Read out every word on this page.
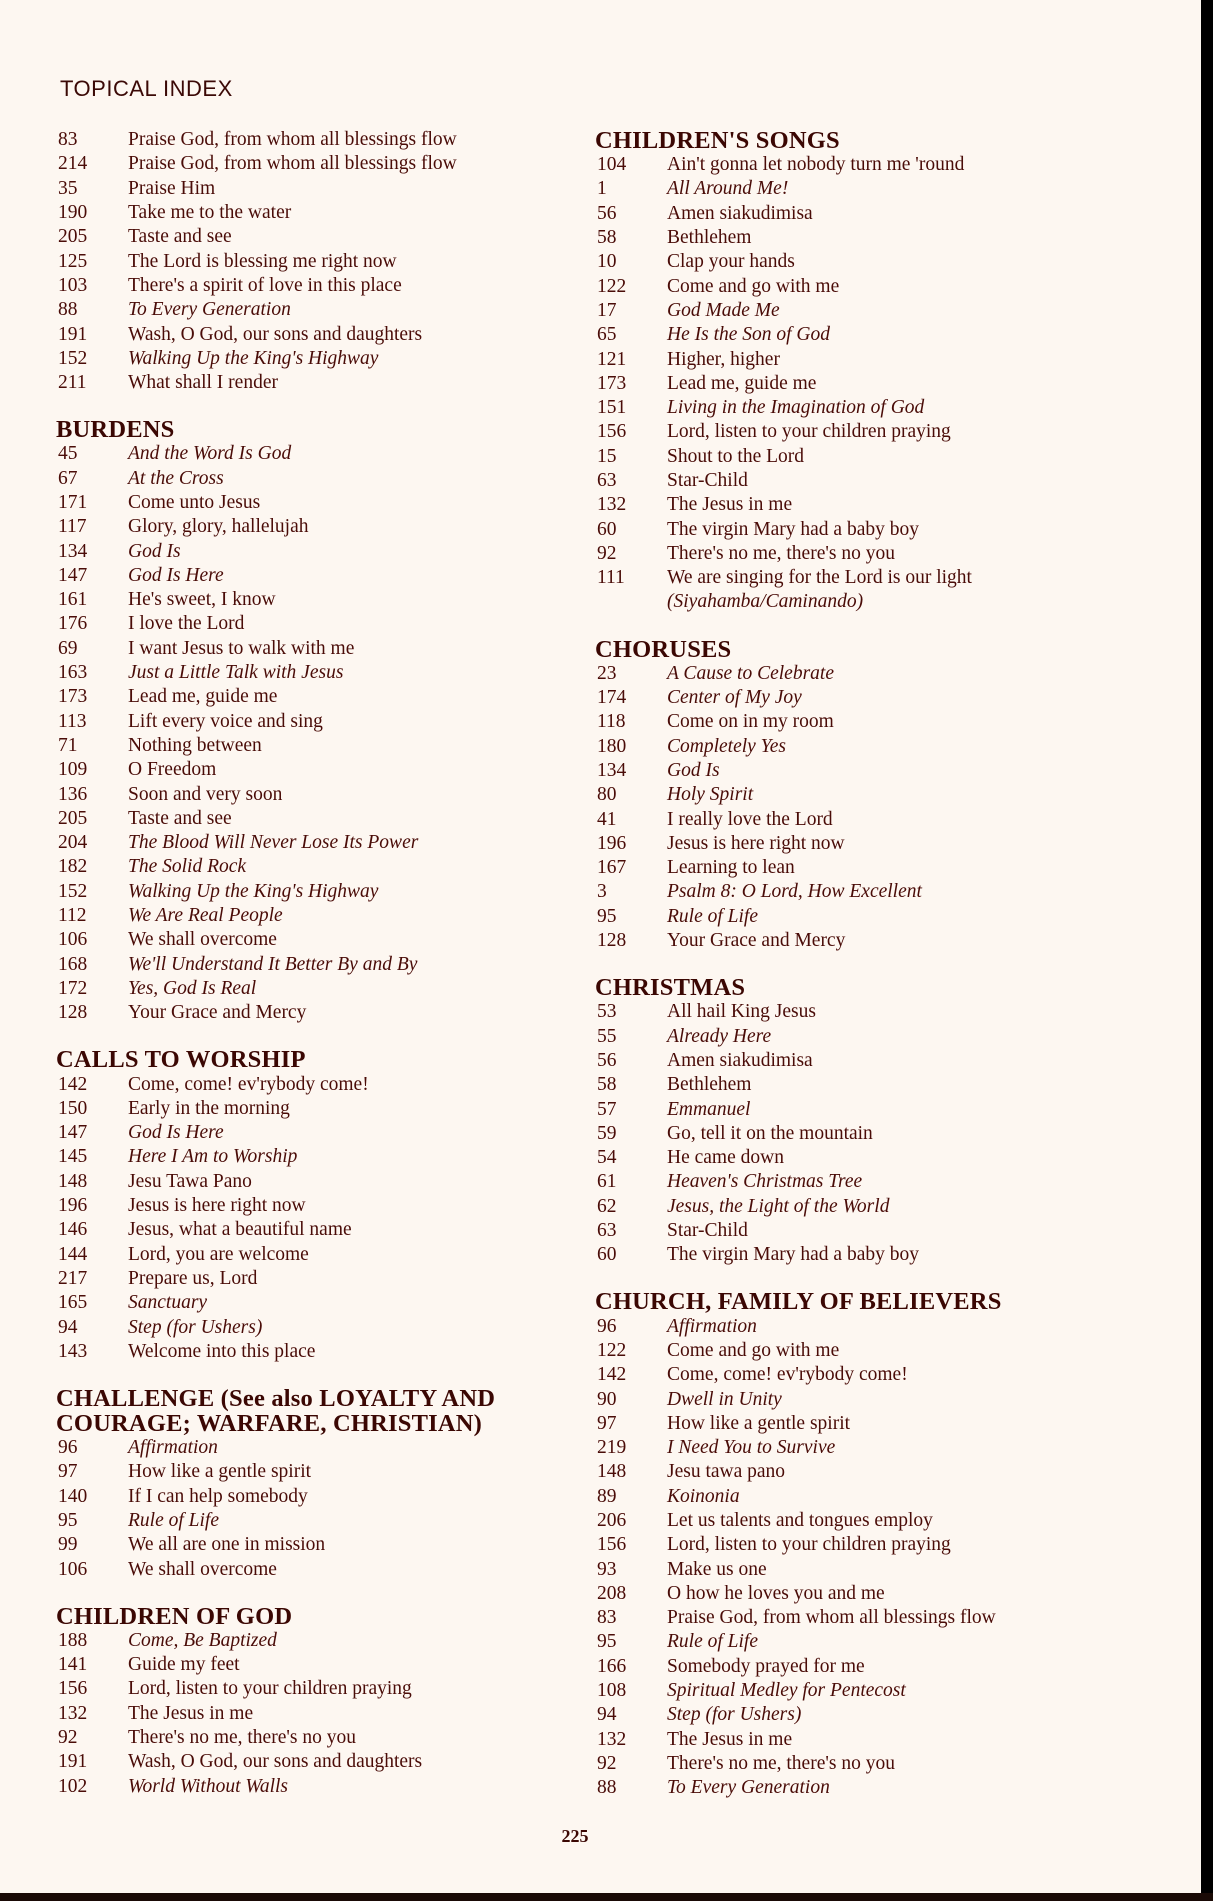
TOPICAL INDEX
83	Praise God, from whom all blessings flow
214	Praise God, from whom all blessings flow
35	Praise Him
190	Take me to the water
205	Taste and see
125	The Lord is blessing me right now
103	There's a spirit of love in this place
88	To Every Generation
191	Wash, O God, our sons and daughters
152	Walking Up the King's Highway
211	What shall I render
BURDENS
45	And the Word Is God
67	At the Cross
171	Come unto Jesus
117	Glory, glory, hallelujah
134	God Is
147	God Is Here
161	He's sweet, I know
176	I love the Lord
69	I want Jesus to walk with me
163	Just a Little Talk with Jesus
173	Lead me, guide me
113	Lift every voice and sing
71	Nothing between
109	O Freedom
136	Soon and very soon
205	Taste and see
204	The Blood Will Never Lose Its Power
182	The Solid Rock
152	Walking Up the King's Highway
112	We Are Real People
106	We shall overcome
168	We'll Understand It Better By and By
172	Yes, God Is Real
128	Your Grace and Mercy
CALLS TO WORSHIP
142	Come, come! ev'rybody come!
150	Early in the morning
147	God Is Here
145	Here I Am to Worship
148	Jesu Tawa Pano
196	Jesus is here right now
146	Jesus, what a beautiful name
144	Lord, you are welcome
217	Prepare us, Lord
165	Sanctuary
94	Step (for Ushers)
143	Welcome into this place
CHALLENGE (See also LOYALTY AND
COURAGE; WARFARE, CHRISTIAN)
96	Affirmation
97	How like a gentle spirit
140	If I can help somebody
95	Rule of Life
99	We all are one in mission
106	We shall overcome
CHILDREN OF GOD
188	Come, Be Baptized
141	Guide my feet
156	Lord, listen to your children praying
132	The Jesus in me
92	There's no me, there's no you
191	Wash, O God, our sons and daughters
102	World Without Walls
CHILDREN'S SONGS
104	Ain't gonna let nobody turn me 'round
1	All Around Me!
56	Amen siakudimisa
58	Bethlehem
10	Clap your hands
122	Come and go with me
17	God Made Me
65	He Is the Son of God
121	Higher, higher
173	Lead me, guide me
151	Living in the Imagination of God
156	Lord, listen to your children praying
15	Shout to the Lord
63	Star-Child
132	The Jesus in me
60	The virgin Mary had a baby boy
92	There's no me, there's no you
111	We are singing for the Lord is our light
(Siyahamba/Caminando)
CHORUSES
23	A Cause to Celebrate
174	Center of My Joy
118	Come on in my room
180	Completely Yes
134	God Is
80	Holy Spirit
41	I really love the Lord
196	Jesus is here right now
167	Learning to lean
3	Psalm 8: O Lord, How Excellent
95	Rule of Life
128	Your Grace and Mercy
CHRISTMAS
53	All hail King Jesus
55	Already Here
56	Amen siakudimisa
58	Bethlehem
57	Emmanuel
59	Go, tell it on the mountain
54	He came down
61	Heaven's Christmas Tree
62	Jesus, the Light of the World
63	Star-Child
60	The virgin Mary had a baby boy
CHURCH, FAMILY OF BELIEVERS
96	Affirmation
122	Come and go with me
142	Come, come! ev'rybody come!
90	Dwell in Unity
97	How like a gentle spirit
219	I Need You to Survive
148	Jesu tawa pano
89	Koinonia
206	Let us talents and tongues employ
156	Lord, listen to your children praying
93	Make us one
208	O how he loves you and me
83	Praise God, from whom all blessings flow
95	Rule of Life
166	Somebody prayed for me
108	Spiritual Medley for Pentecost
94	Step (for Ushers)
132	The Jesus in me
92	There's no me, there's no you
88	To Every Generation
225
